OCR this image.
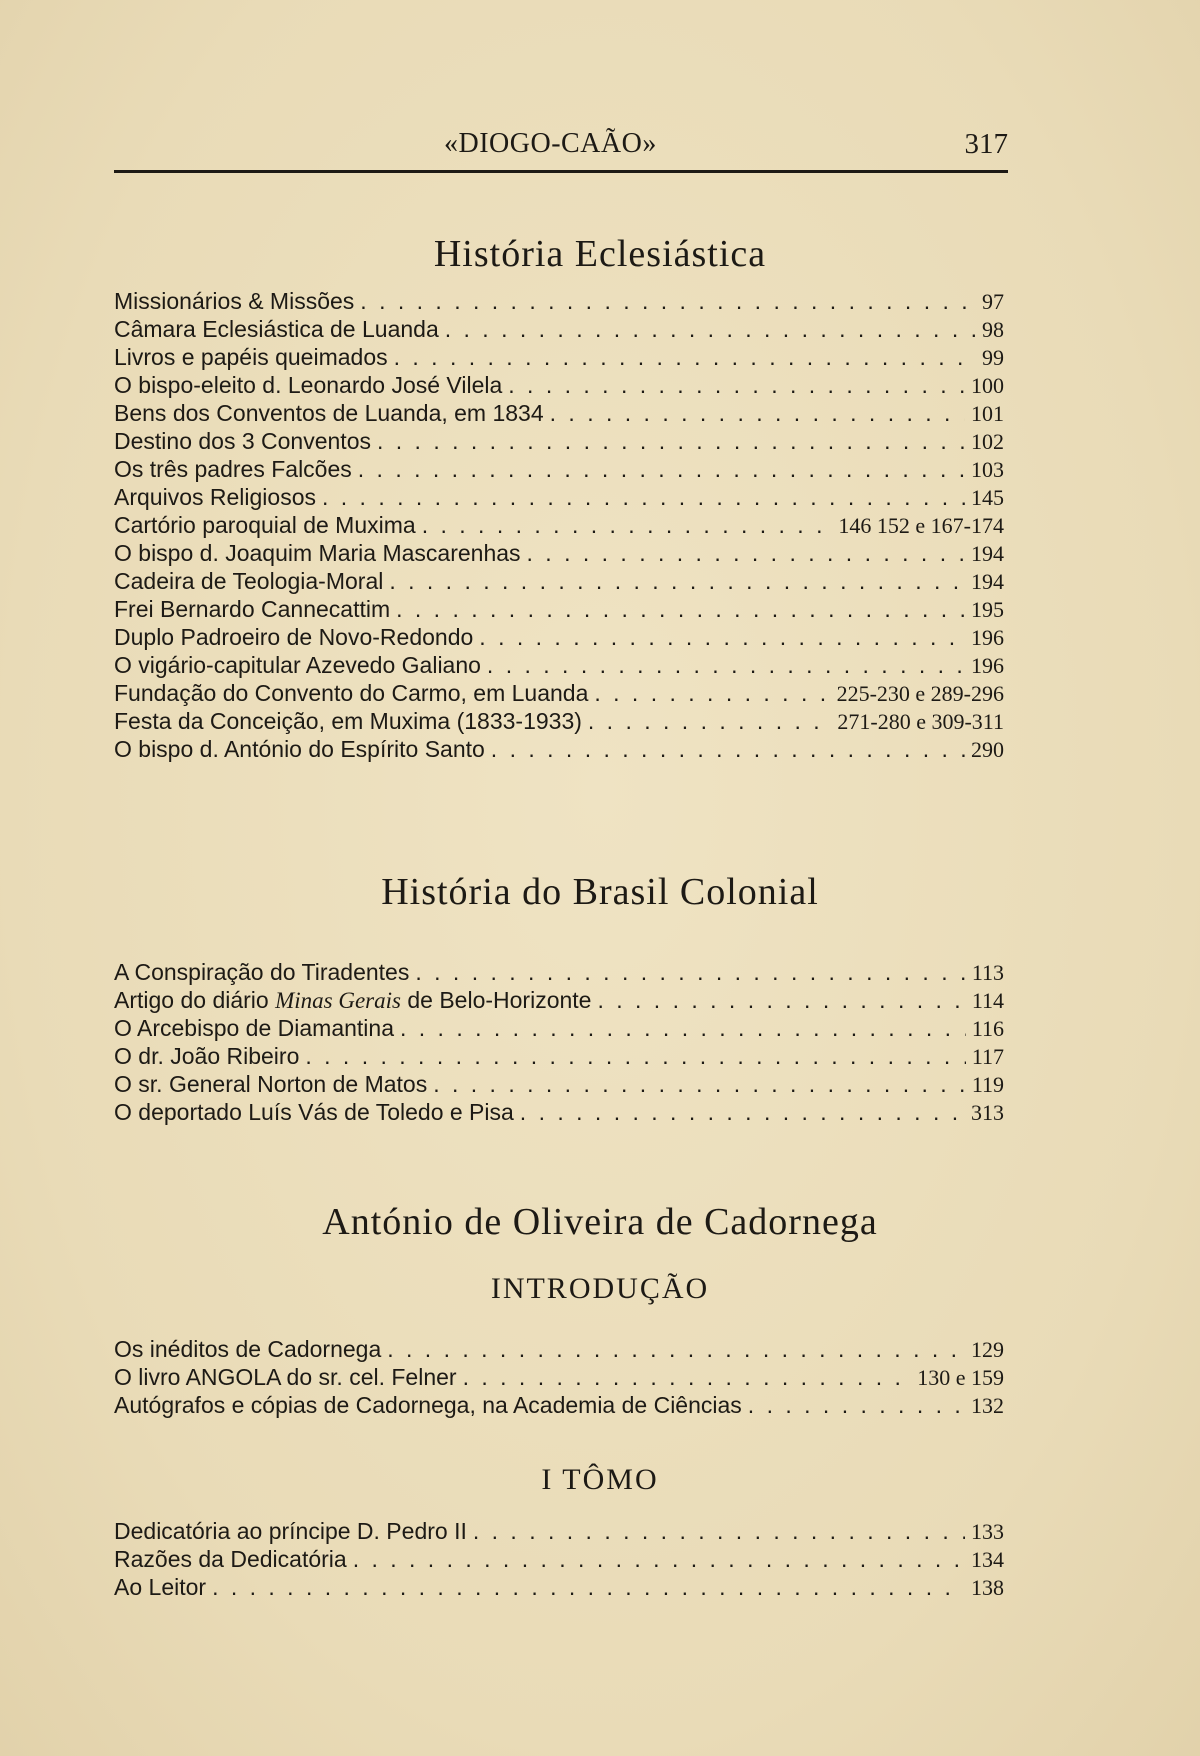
«DIOGO-CAÃO»	317
História Eclesiástica
Missionários & Missões . . .	97
Câmara Eclesiástica de Luanda . . .	98
Livros e papéis queimados . . .	99
O bispo-eleito d. Leonardo José Vilela . . .	100
Bens dos Conventos de Luanda, em 1834 . . .	101
Destino dos 3 Conventos . . .	102
Os três padres Falcões . . .	103
Arquivos Religiosos . . .	145
Cartório paroquial de Muxima . . .	146 152 e 167-174
O bispo d. Joaquim Maria Mascarenhas . . .	194
Cadeira de Teologia-Moral . . .	194
Frei Bernardo Cannecattim . . .	195
Duplo Padroeiro de Novo-Redondo . . .	196
O vigário-capitular Azevedo Galiano . . .	196
Fundação do Convento do Carmo, em Luanda . . .	225-230 e 289-296
Festa da Conceição, em Muxima (1833-1933) . . .	271-280 e 309-311
O bispo d. António do Espírito Santo . . .	290
História do Brasil Colonial
A Conspiração do Tiradentes . . .	113
Artigo do diário Minas Gerais de Belo-Horizonte . . .	114
O Arcebispo de Diamantina . . .	116
O dr. João Ribeiro . . .	117
O sr. General Norton de Matos . . .	119
O deportado Luís Vás de Toledo e Pisa . . .	313
António de Oliveira de Cadornega
INTRODUÇÃO
Os inéditos de Cadornega . . .	129
O livro ANGOLA do sr. cel. Felner . . .	130 e 159
Autógrafos e cópias de Cadornega, na Academia de Ciências . . .	132
I TÔMO
Dedicatória ao príncipe D. Pedro II . . .	133
Razões da Dedicatória . . .	134
Ao Leitor . . .	138
